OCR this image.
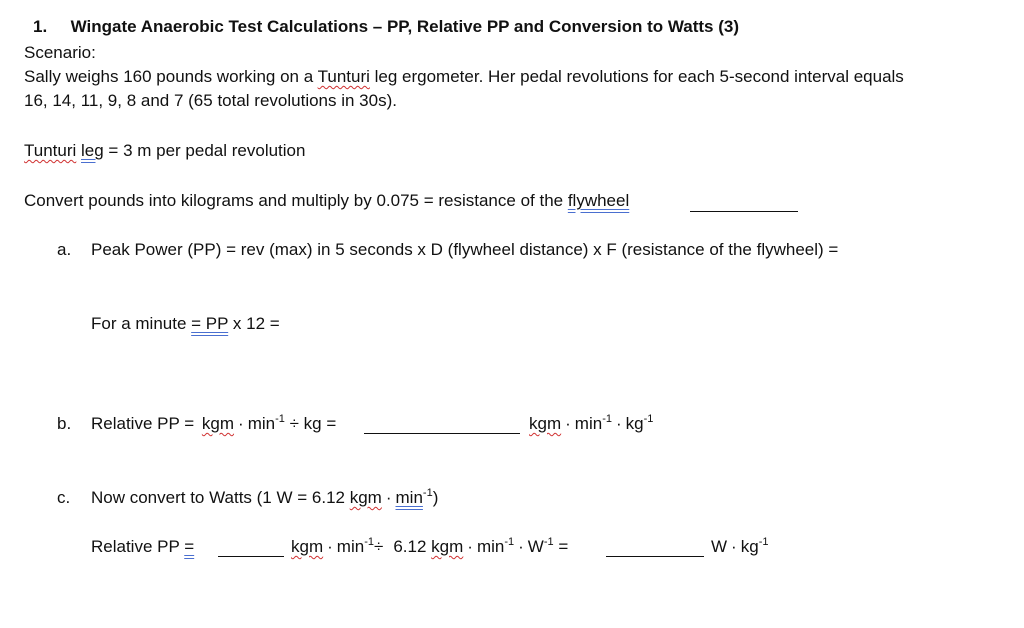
1. Wingate Anaerobic Test Calculations – PP, Relative PP and Conversion to Watts (3)
Scenario:
Sally weighs 160 pounds working on a Tunturi leg ergometer. Her pedal revolutions for each 5-second interval equals
16, 14, 11, 9, 8 and 7 (65 total revolutions in 30s).
Tunturi leg = 3 m per pedal revolution
Convert pounds into kilograms and multiply by 0.075 = resistance of the flywheel
a. Peak Power (PP) = rev (max) in 5 seconds x D (flywheel distance) x F (resistance of the flywheel) =
For a minute = PP x 12 =
b. Relative PP = kgm · $\min^{-1}$ ÷ kg =	kgm · $\min^{-1} \cdot kg^{-1}$
c. Now convert to Watts (1 W = 6.12 kgm · $\min^{-1}$)
Relative PP =	kgm · $\min^{-1}\div 6.12$ kgm · $\min^{-1} \cdot W^{-1}$ =	$W \cdot kg^{-1}$
